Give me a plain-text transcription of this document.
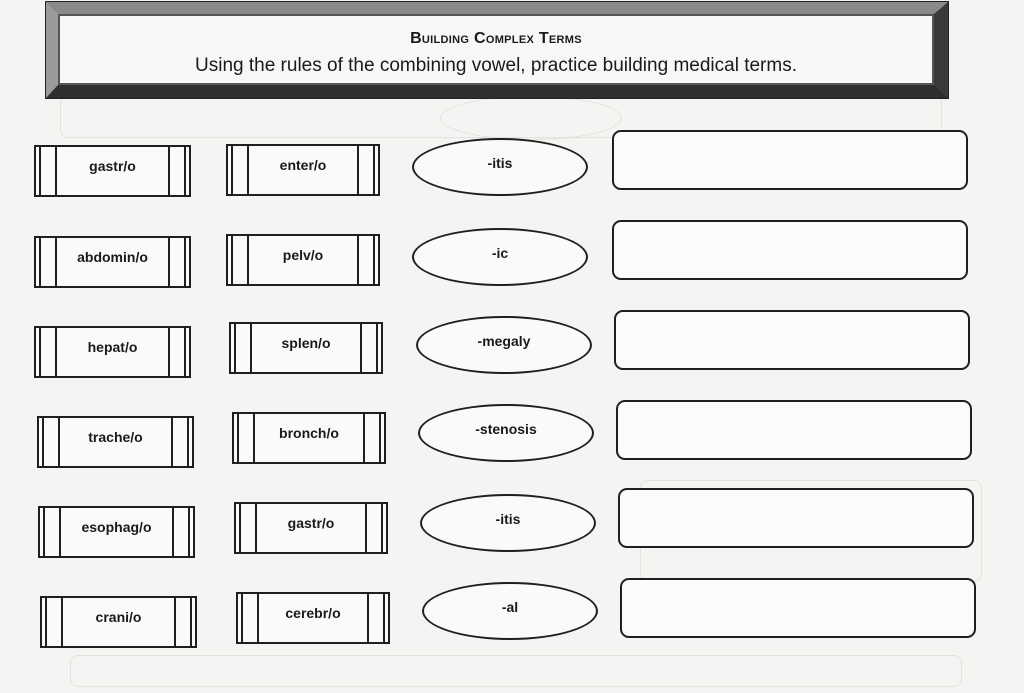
Building Complex Terms
Using the rules of the combining vowel, practice building medical terms.
gastr/o	enter/o	-itis
abdomin/o	pelv/o	-ic
hepat/o	splen/o	-megaly
trache/o	bronch/o	-stenosis
esophag/o	gastr/o	-itis
crani/o	cerebr/o	-al
